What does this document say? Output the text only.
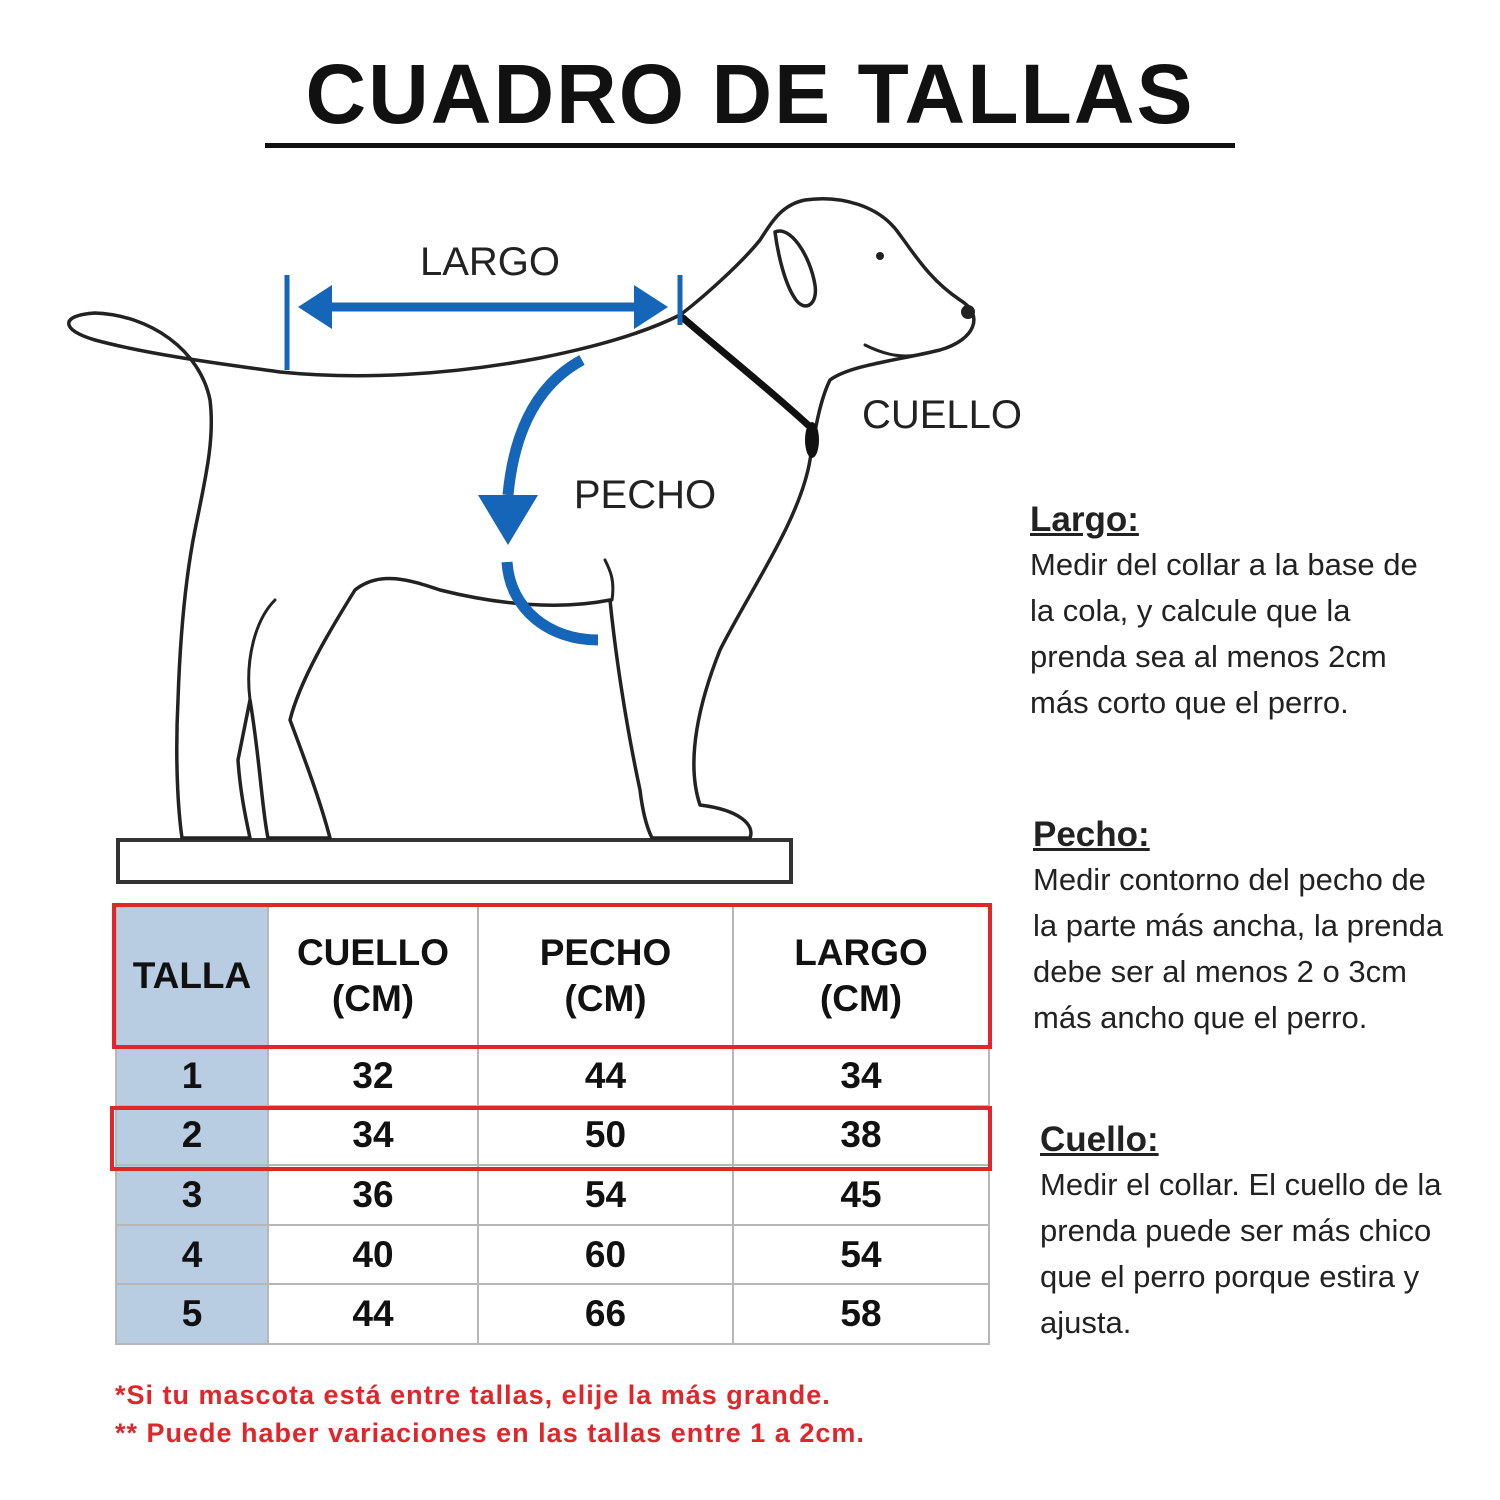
CUADRO DE TALLAS
LARGO
PECHO
CUELLO
Largo:

Medir del collar a la base de la cola, y calcule que la prenda sea al menos 2cm más corto que el perro.

Pecho:

Medir contorno del pecho de la parte más ancha, la prenda debe ser al menos 2 o 3cm más ancho que el perro.

Cuello:

Medir el collar. El cuello de la prenda puede ser más chico que el perro porque estira y ajusta.

TALLA	CUELLO (CM)	PECHO (CM)	LARGO (CM)
1	32	44	34
2	34	50	38
3	36	54	45
4	40	60	54
5	44	66	58
*Si tu mascota está entre tallas, elije la más grande.
** Puede haber variaciones en las tallas entre 1 a 2cm.
